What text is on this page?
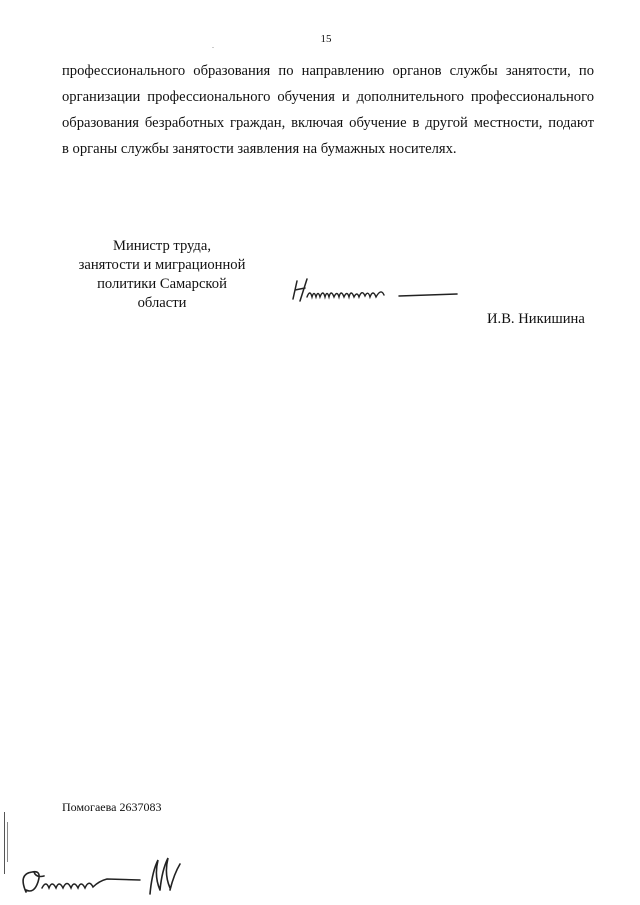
15
профессионального образования по направлению органов службы занятости, по
организации профессионального обучения и дополнительного профессионального
образования безработных граждан, включая обучение в другой местности, подают
в органы службы занятости заявления на бумажных носителях.
Министр труда,
занятости и миграционной
политики Самарской
области
И.В. Никишина
Помогаева 2637083
